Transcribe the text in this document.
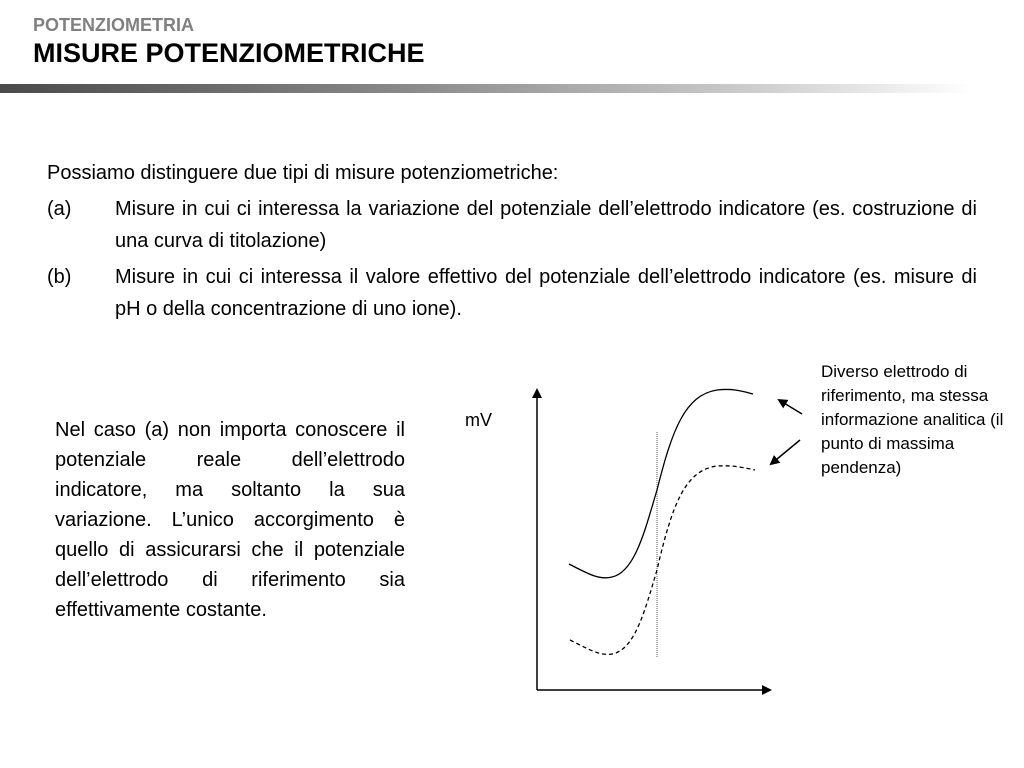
POTENZIOMETRIA
MISURE POTENZIOMETRICHE
Possiamo distinguere due tipi di misure potenziometriche:
(a)	Misure in cui ci interessa la variazione del potenziale dell’elettrodo indicatore (es. costruzione di una curva di titolazione)
(b)	Misure in cui ci interessa il valore effettivo del potenziale dell’elettrodo indicatore (es. misure di pH o della concentrazione di uno ione).
Nel caso (a) non importa conoscere il potenziale reale dell’elettrodo indicatore, ma soltanto la sua variazione. L’unico accorgimento è quello di assicurarsi che il potenziale dell’elettrodo di riferimento sia effettivamente costante.
mV
Diverso elettrodo di riferimento, ma stessa informazione analitica (il punto di massima pendenza)
